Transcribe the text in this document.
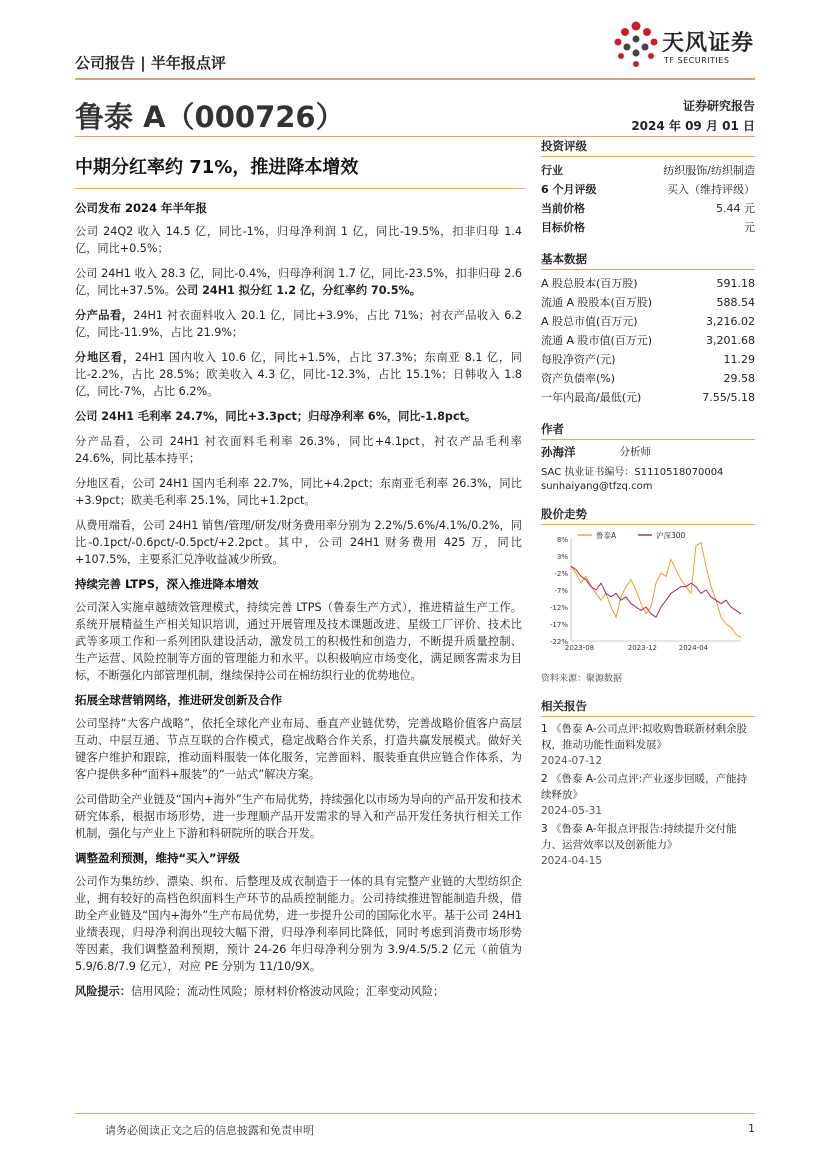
公司报告 | 半年报点评
天风证券
TF SECURITIES
鲁泰 A（000726）	证券研究报告
2024 年 09 月 01 日
中期分红率约 71%，推进降本增效
公司发布 2024 年半年报

公司 24Q2 收入 14.5 亿，同比-1%，归母净利润 1 亿，同比-19.5%，扣非归母 1.4 亿，同比+0.5%；

公司 24H1 收入 28.3 亿，同比-0.4%，归母净利润 1.7 亿，同比-23.5%，扣非归母 2.6 亿，同比+37.5%。公司 24H1 拟分红 1.2 亿，分红率约 70.5%。

分产品看，24H1 衬衣面料收入 20.1 亿，同比+3.9%，占比 71%；衬衣产品收入 6.2 亿，同比-11.9%，占比 21.9%；

分地区看，24H1 国内收入 10.6 亿，同比+1.5%，占比 37.3%；东南亚 8.1 亿，同比-2.2%，占比 28.5%；欧美收入 4.3 亿，同比-12.3%，占比 15.1%；日韩收入 1.8 亿，同比-7%，占比 6.2%。

公司 24H1 毛利率 24.7%，同比+3.3pct；归母净利率 6%，同比-1.8pct。

分产品看，公司 24H1 衬衣面料毛利率 26.3%，同比+4.1pct，衬衣产品毛利率 24.6%，同比基本持平；

分地区看，公司 24H1 国内毛利率 22.7%，同比+4.2pct；东南亚毛利率 26.3%，同比+3.9pct；欧美毛利率 25.1%，同比+1.2pct。

从费用端看，公司 24H1 销售/管理/研发/财务费用率分别为 2.2%/5.6%/4.1%/0.2%，同比-0.1pct/-0.6pct/-0.5pct/+2.2pct。其中，公司 24H1 财务费用 425 万，同比+107.5%，主要系汇兑净收益减少所致。

持续完善 LTPS，深入推进降本增效

公司深入实施卓越绩效管理模式，持续完善 LTPS（鲁泰生产方式），推进精益生产工作。系统开展精益生产相关知识培训，通过开展管理及技术课题改进、星级工厂评价、技术比武等多项工作和一系列团队建设活动，激发员工的积极性和创造力，不断提升质量控制、生产运营、风险控制等方面的管理能力和水平。以积极响应市场变化，满足顾客需求为目标，不断强化内部管理机制，继续保持公司在棉纺织行业的优势地位。

拓展全球营销网络，推进研发创新及合作

公司坚持“大客户战略”，依托全球化产业布局、垂直产业链优势，完善战略价值客户高层互动、中层互通、节点互联的合作模式，稳定战略合作关系，打造共赢发展模式。做好关键客户维护和跟踪，推动面料服装一体化服务，完善面料、服装垂直供应链合作体系，为客户提供多种“面料+服装”的“一站式”解决方案。

公司借助全产业链及“国内+海外”生产布局优势，持续强化以市场为导向的产品开发和技术研究体系，根据市场形势，进一步理顺产品开发需求的导入和产品开发任务执行相关工作机制，强化与产业上下游和科研院所的联合开发。

调整盈利预测，维持“买入”评级

公司作为集纺纱、漂染、织布、后整理及成衣制造于一体的具有完整产业链的大型纺织企业，拥有较好的高档色织面料生产环节的品质控制能力。公司持续推进智能制造升级，借助全产业链及“国内+海外”生产布局优势，进一步提升公司的国际化水平。基于公司 24H1 业绩表现，归母净利润出现较大幅下滑，归母净利率同比降低，同时考虑到消费市场形势等因素，我们调整盈利预期，预计 24-26 年归母净利分别为 3.9/4.5/5.2 亿元（前值为 5.9/6.8/7.9 亿元），对应 PE 分别为 11/10/9X。

风险提示：信用风险；流动性风险；原材料价格波动风险；汇率变动风险；

投资评级
行业	纺织服饰/纺织制造
6 个月评级	买入（维持评级）
当前价格	5.44 元
目标价格	元
基本数据
A 股总股本(百万股)	591.18
流通 A 股股本(百万股)	588.54
A 股总市值(百万元)	3,216.02
流通 A 股市值(百万元)	3,201.68
每股净资产(元)	11.29
资产负债率(%)	29.58
一年内最高/最低(元)	7.55/5.18
作者
孙海洋	分析师
SAC 执业证书编号：S1110518070004
sunhaiyang@tfzq.com
股价走势
8%
3%
-2%
-7%
-12%
-17%
-22%
2023-08	2023-12	2024-04
鲁泰A	沪深300
资料来源：聚源数据
相关报告
1 《鲁泰 A-公司点评:拟收购鲁联新材剩余股权，推动功能性面料发展》
2024-07-12
2 《鲁泰 A-公司点评:产业逐步回暖，产能持续释放》
2024-05-31
3 《鲁泰 A-年报点评报告:持续提升交付能力、运营效率以及创新能力》
2024-04-15
请务必阅读正文之后的信息披露和免责申明	1
